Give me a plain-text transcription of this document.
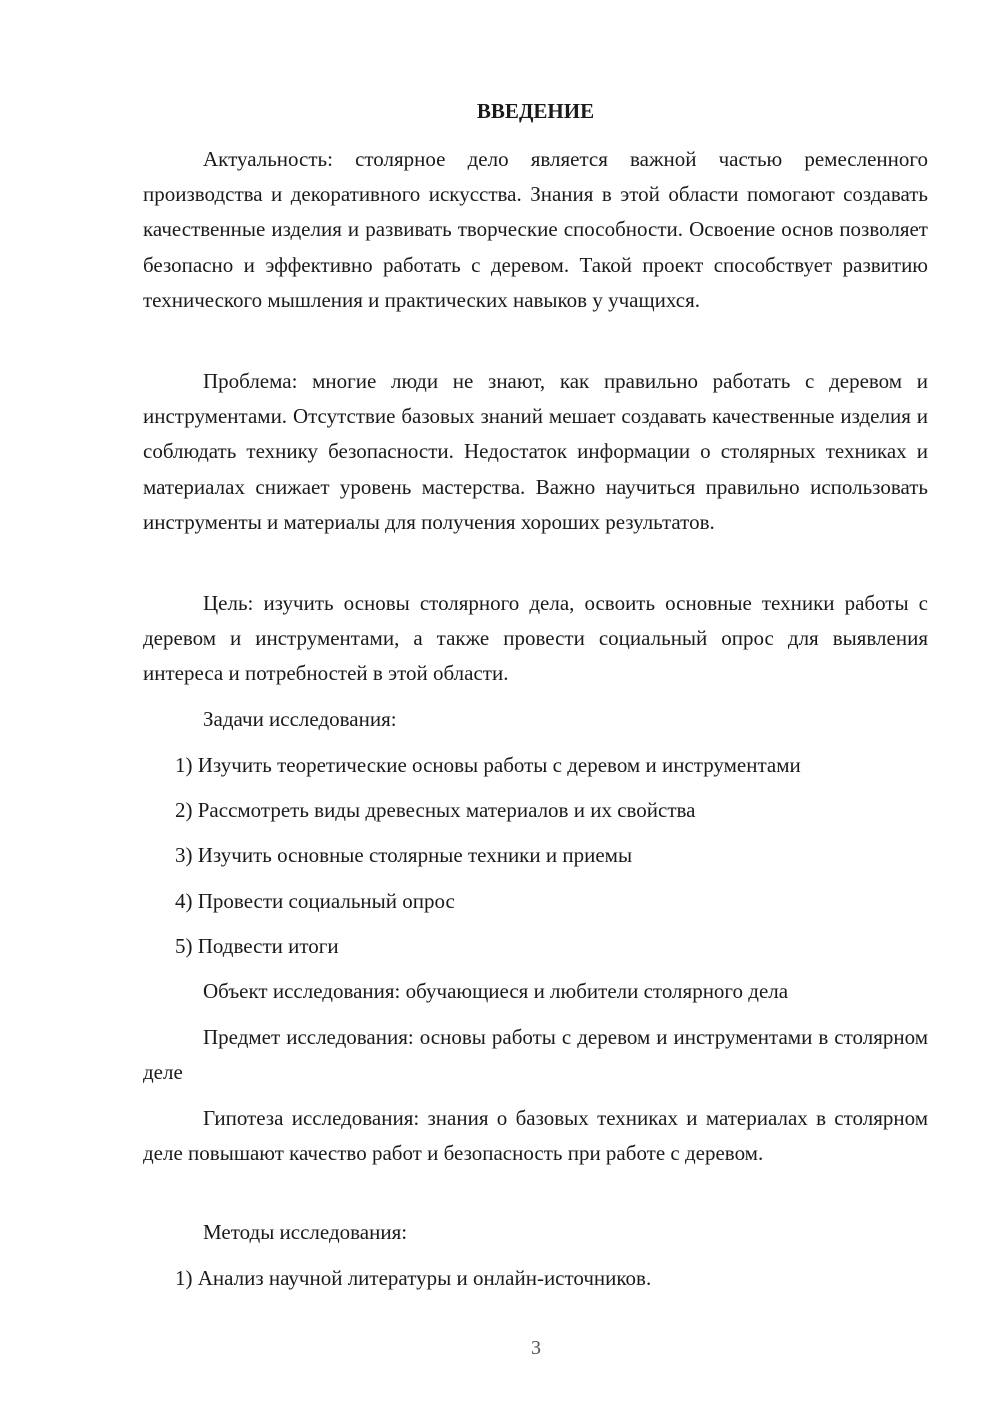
ВВЕДЕНИЕ

Актуальность: столярное дело является важной частью ремесленного производства и декоративного искусства. Знания в этой области помогают создавать качественные изделия и развивать творческие способности. Освоение основ позволяет безопасно и эффективно работать с деревом. Такой проект способствует развитию технического мышления и практических навыков у учащихся.

Проблема: многие люди не знают, как правильно работать с деревом и инструментами. Отсутствие базовых знаний мешает создавать качественные изделия и соблюдать технику безопасности. Недостаток информации о столярных техниках и материалах снижает уровень мастерства. Важно научиться правильно использовать инструменты и материалы для получения хороших результатов.

Цель: изучить основы столярного дела, освоить основные техники работы с деревом и инструментами, а также провести социальный опрос для выявления интереса и потребностей в этой области.

Задачи исследования:
1) Изучить теоретические основы работы с деревом и инструментами
2) Рассмотреть виды древесных материалов и их свойства
3) Изучить основные столярные техники и приемы
4) Провести социальный опрос
5) Подвести итоги
Объект исследования: обучающиеся и любители столярного дела

Предмет исследования: основы работы с деревом и инструментами в столярном деле

Гипотеза исследования: знания о базовых техниках и материалах в столярном деле повышают качество работ и безопасность при работе с деревом.

Методы исследования:
1) Анализ научной литературы и онлайн-источников.
3
